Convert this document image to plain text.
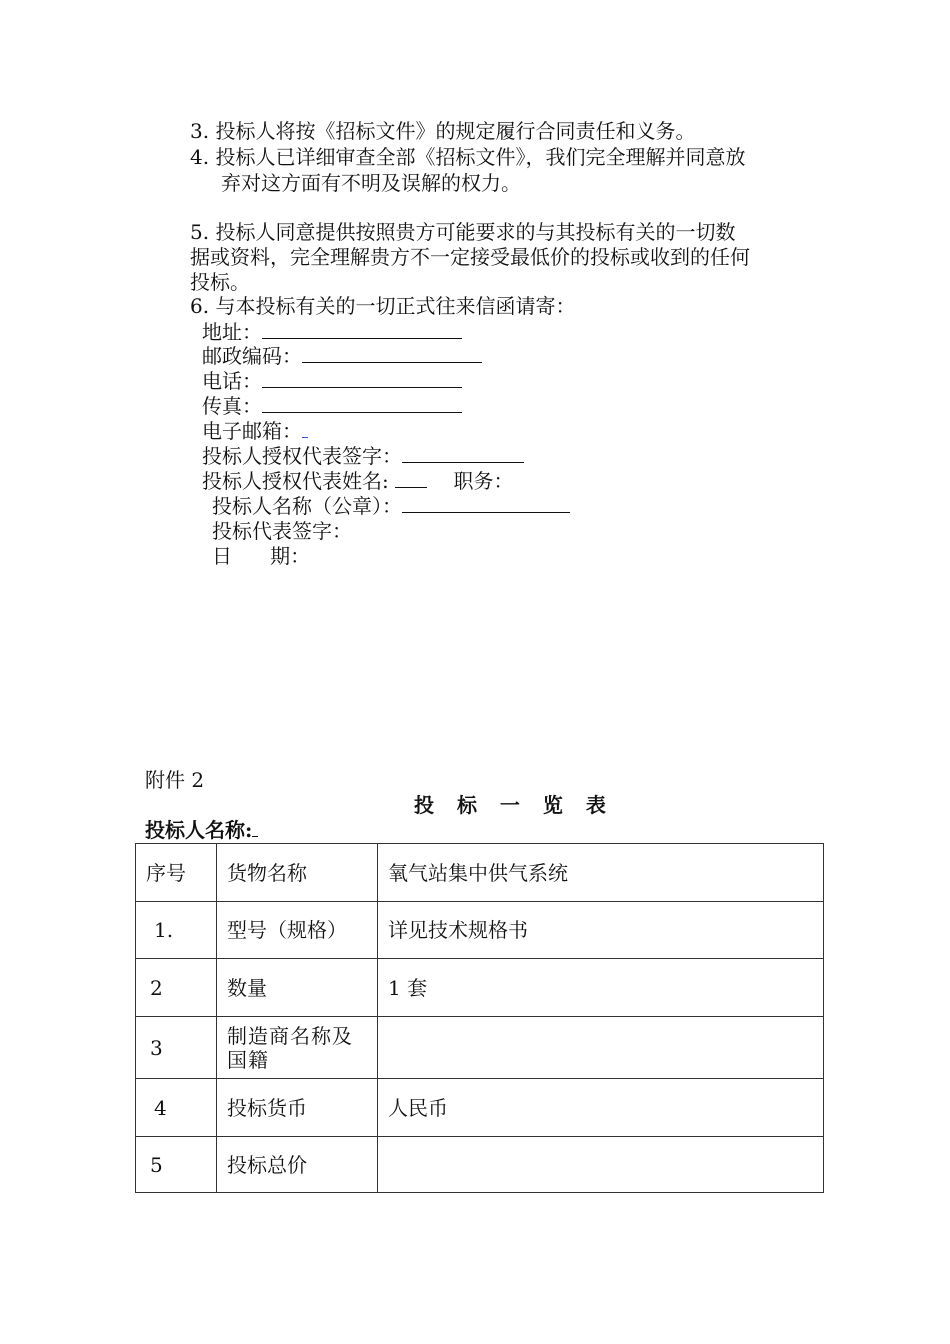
3. 投标人将按《招标文件》的规定履行合同责任和义务。
4. 投标人已详细审查全部《招标文件》，我们完全理解并同意放
弃对这方面有不明及误解的权力。
5. 投标人同意提供按照贵方可能要求的与其投标有关的一切数
据或资料，完全理解贵方不一定接受最低价的投标或收到的任何
投标。
6. 与本投标有关的一切正式往来信函请寄：
地址：
邮政编码：
电话：
传真：
电子邮箱：
投标人授权代表签字：
投标人授权代表姓名:	职务：
投标人名称（公章）：
投标代表签字：
日      期：
附件 2
投 标 一 览 表
投标人名称:
序号	货物名称	氧气站集中供气系统
1.	型号（规格）	详见技术规格书
2	数量	1 套
3	制造商名称及国籍	
4	投标货币	人民币
5	投标总价	
